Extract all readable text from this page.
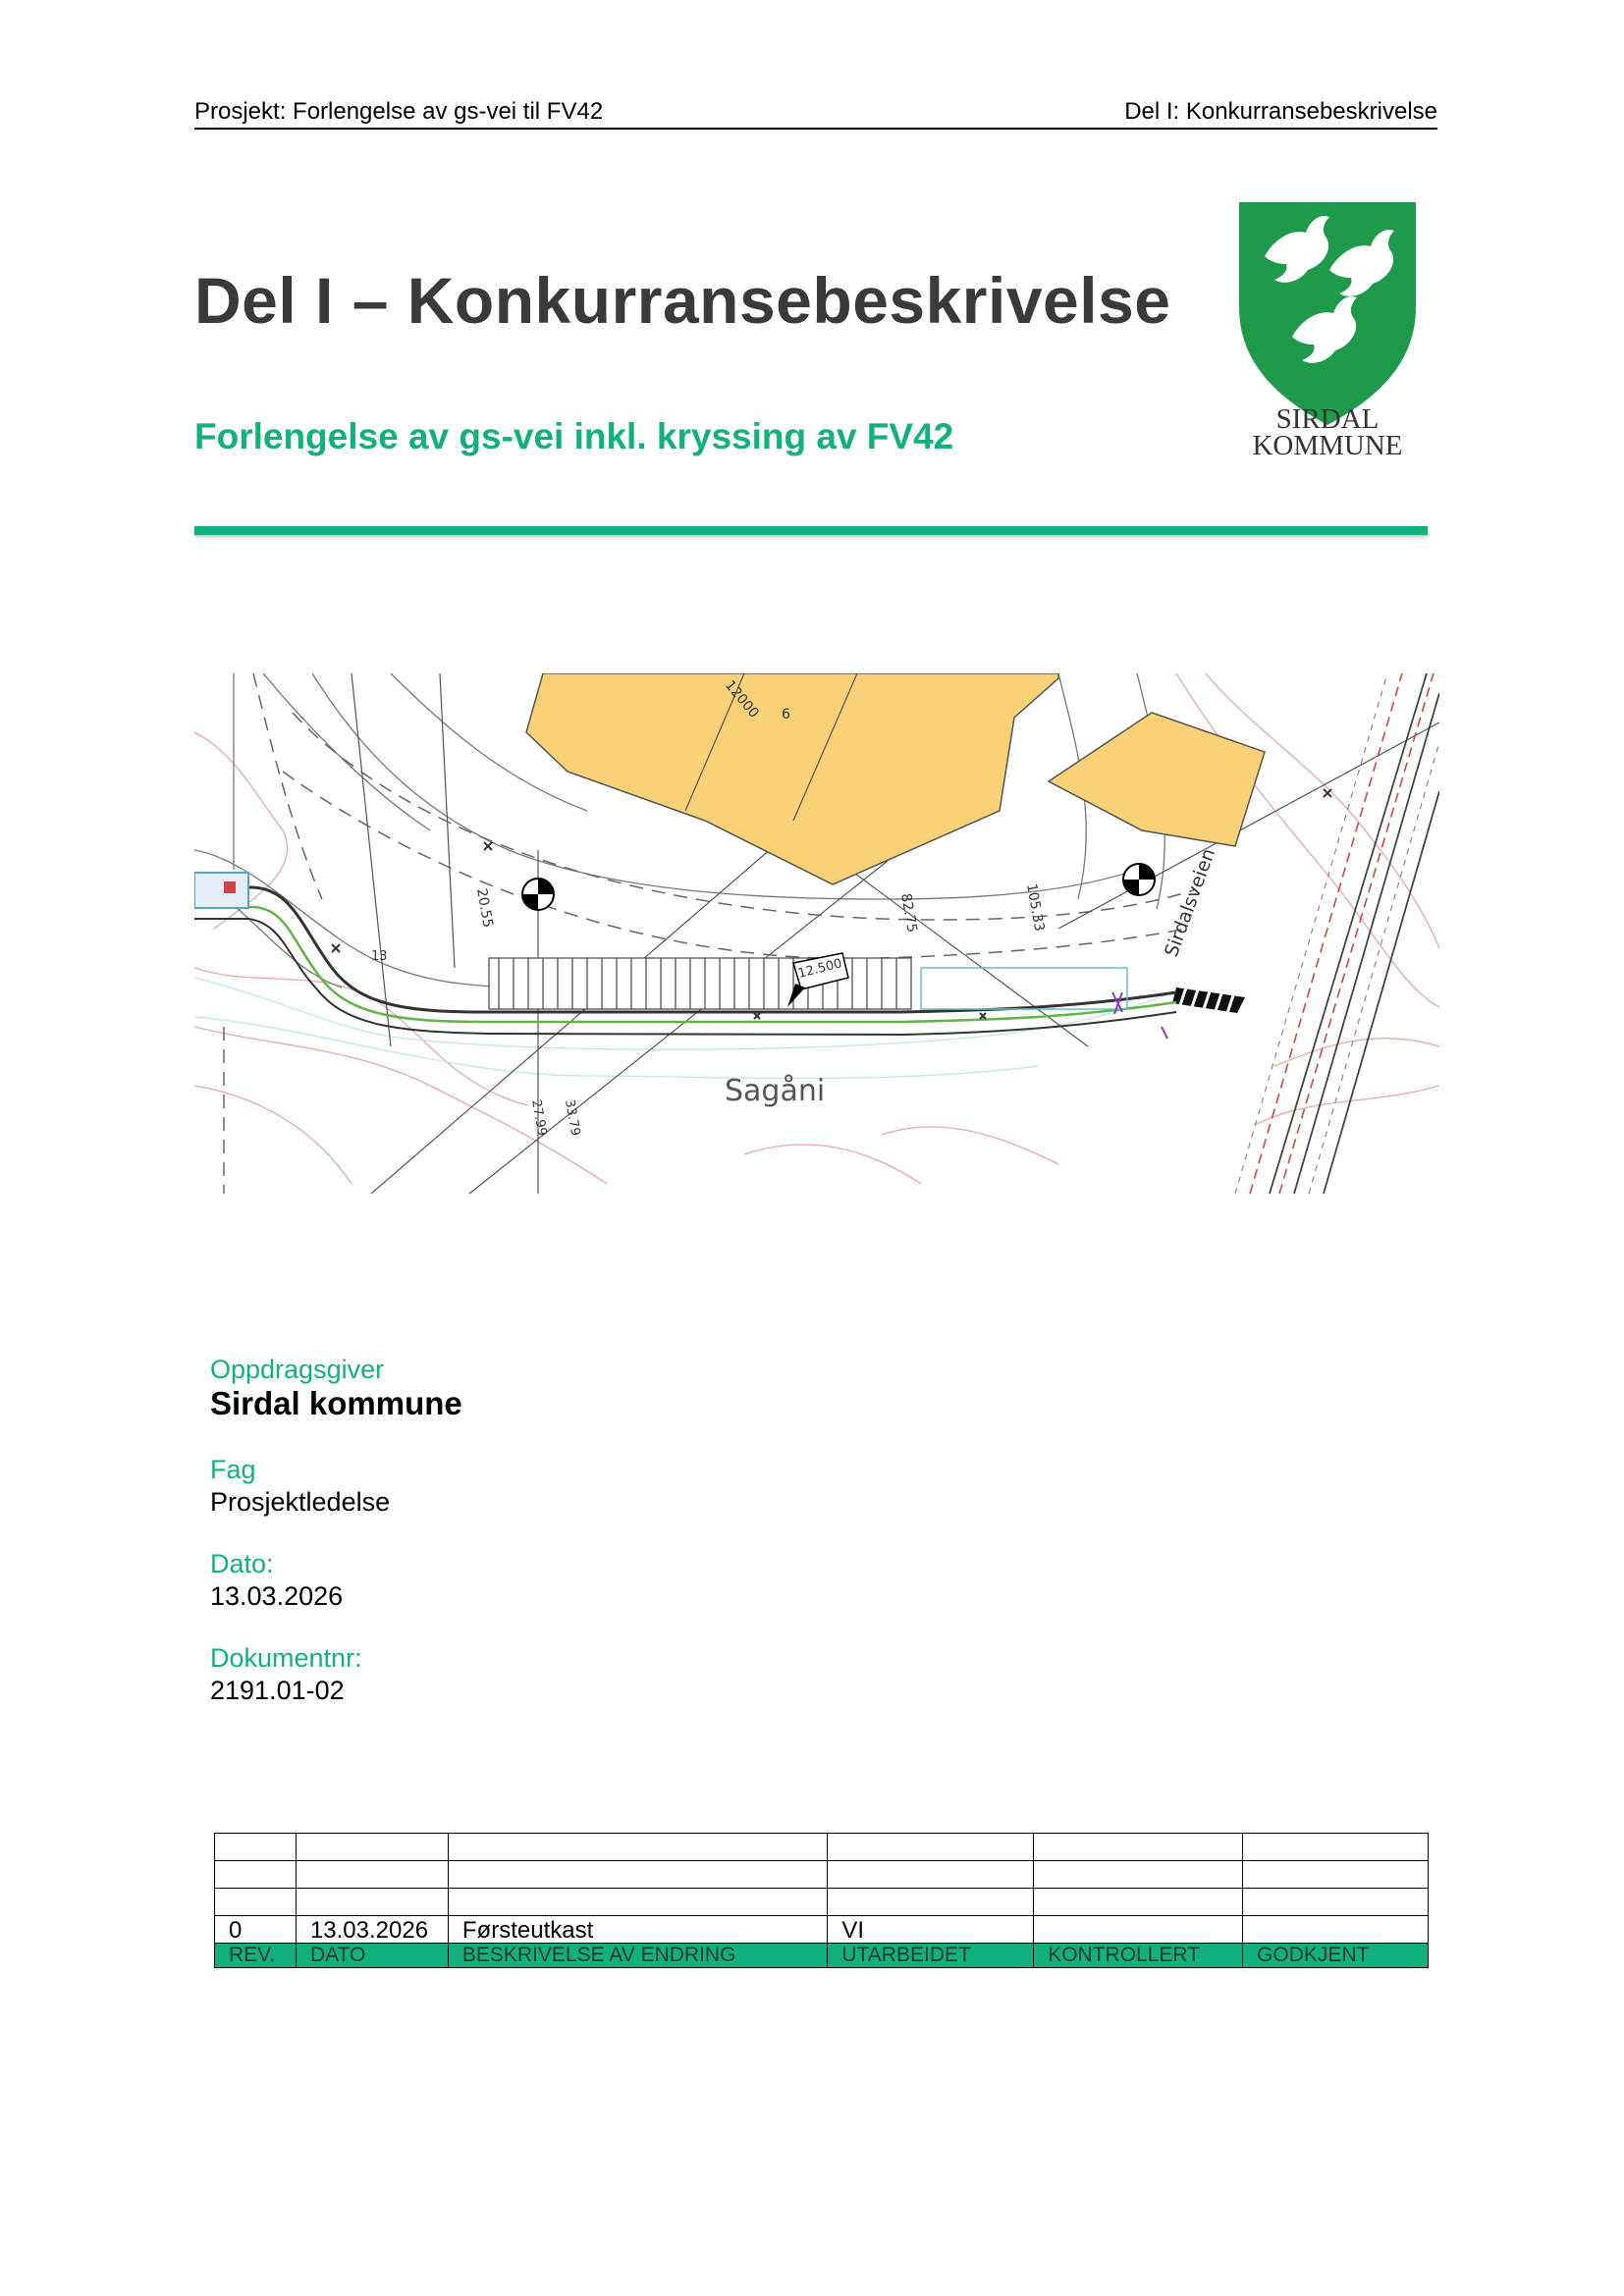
Prosjekt: Forlengelse av gs-vei til FV42	Del I: Konkurransebeskrivelse
Del I – Konkurransebeskrivelse
Forlengelse av gs-vei inkl. kryssing av FV42	SIRDAL
KOMMUNE
Sagåni
Sirdalsveien
12000 6
20.55	82.75	105.33
12.500
27.99 33.79
13
Oppdragsgiver
Sirdal kommune
Fag
Prosjektledelse
Dato:
13.03.2026
Dokumentnr:
2191.01-02

0	13.03.2026	Førsteutkast	VI		
REV.	DATO	BESKRIVELSE AV ENDRING	UTARBEIDET	KONTROLLERT	GODKJENT
